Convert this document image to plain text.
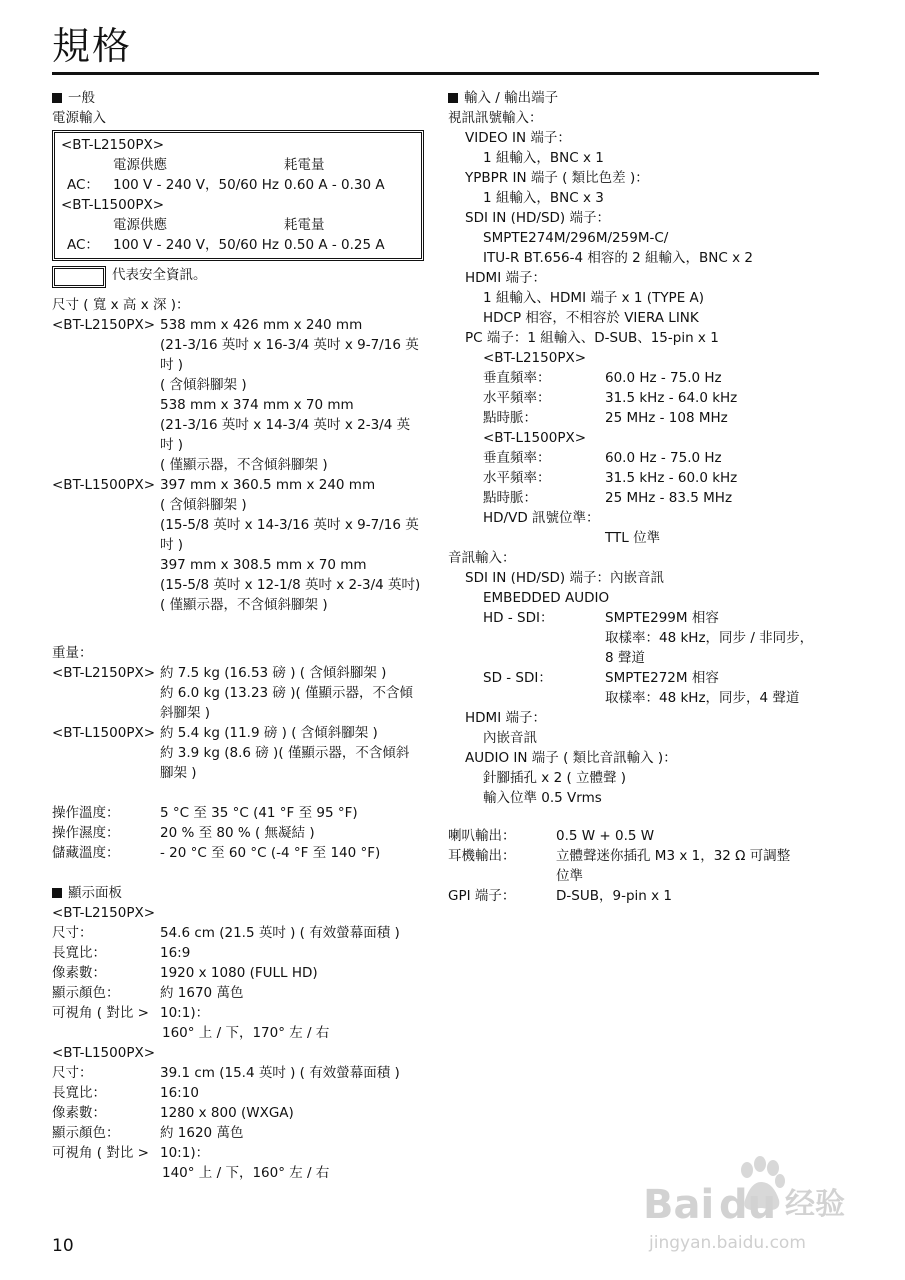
規格
一般
電源輸入
<BT-L2150PX>
電源供應	耗電量
AC： 100 V - 240 V，50/60 Hz 0.60 A - 0.30 A
<BT-L1500PX>
電源供應	耗電量
AC： 100 V - 240 V，50/60 Hz 0.50 A - 0.25 A
代表安全資訊。
尺寸 ( 寬 x 高 x 深 )：
<BT-L2150PX> 538 mm x 426 mm x 240 mm
(21-3/16 英吋 x 16-3/4 英吋 x 9-7/16 英
吋 )
( 含傾斜腳架 )
538 mm x 374 mm x 70 mm
(21-3/16 英吋 x 14-3/4 英吋 x 2-3/4 英
吋 )
( 僅顯示器，不含傾斜腳架 )
<BT-L1500PX> 397 mm x 360.5 mm x 240 mm
( 含傾斜腳架 )
(15-5/8 英吋 x 14-3/16 英吋 x 9-7/16 英
吋 )
397 mm x 308.5 mm x 70 mm
(15-5/8 英吋 x 12-1/8 英吋 x 2-3/4 英吋)
( 僅顯示器，不含傾斜腳架 )
重量：
<BT-L2150PX> 約 7.5 kg (16.53 磅 ) ( 含傾斜腳架 )
約 6.0 kg (13.23 磅 )( 僅顯示器，不含傾
斜腳架 )
<BT-L1500PX> 約 5.4 kg (11.9 磅 ) ( 含傾斜腳架 )
約 3.9 kg (8.6 磅 )( 僅顯示器，不含傾斜
腳架 )
操作溫度：	5 °C 至 35 °C (41 °F 至 95 °F)
操作濕度：	20 % 至 80 % ( 無凝結 )
儲藏溫度：	- 20 °C 至 60 °C (-4 °F 至 140 °F)
顯示面板
<BT-L2150PX>
尺寸：	54.6 cm (21.5 英吋 ) ( 有效螢幕面積 )
長寬比：	16:9
像素數：	1920 x 1080 (FULL HD)
顯示顏色：	約 1670 萬色
可視角 ( 對比 > 10:1)：
160° 上 / 下，170° 左 / 右
<BT-L1500PX>
尺寸：	39.1 cm (15.4 英吋 ) ( 有效螢幕面積 )
長寬比：	16:10
像素數：	1280 x 800 (WXGA)
顯示顏色：	約 1620 萬色
可視角 ( 對比 > 10:1)：
140° 上 / 下，160° 左 / 右
輸入 / 輸出端子
視訊訊號輸入：
VIDEO IN 端子：
1 組輸入，BNC x 1
YPBPR IN 端子 ( 類比色差 )：
1 組輸入，BNC x 3
SDI IN (HD/SD) 端子：
SMPTE274M/296M/259M-C/
ITU-R BT.656-4 相容的 2 組輸入，BNC x 2
HDMI 端子：
1 組輸入、HDMI 端子 x 1 (TYPE A)
HDCP 相容，不相容於 VIERA LINK
PC 端子：1 組輸入、D-SUB、15-pin x 1
<BT-L2150PX>
垂直頻率：	60.0 Hz - 75.0 Hz
水平頻率：	31.5 kHz - 64.0 kHz
點時脈：	25 MHz - 108 MHz
<BT-L1500PX>
垂直頻率：	60.0 Hz - 75.0 Hz
水平頻率：	31.5 kHz - 60.0 kHz
點時脈：	25 MHz - 83.5 MHz
HD/VD 訊號位準：
TTL 位準
音訊輸入：
SDI IN (HD/SD) 端子：內嵌音訊
EMBEDDED AUDIO
HD - SDI：	SMPTE299M 相容
取樣率：48 kHz，同步 / 非同步，
8 聲道
SD - SDI：	SMPTE272M 相容
取樣率：48 kHz，同步，4 聲道
HDMI 端子：
內嵌音訊
AUDIO IN 端子 ( 類比音訊輸入 )：
針腳插孔 x 2 ( 立體聲 )
輸入位準 0.5 Vrms
喇叭輸出：	0.5 W + 0.5 W
耳機輸出：	立體聲迷你插孔 M3 x 1，32 Ω 可調整
位準
GPI 端子：	D-SUB，9-pin x 1
10
Bai du 经验
jingyan.baidu.com
